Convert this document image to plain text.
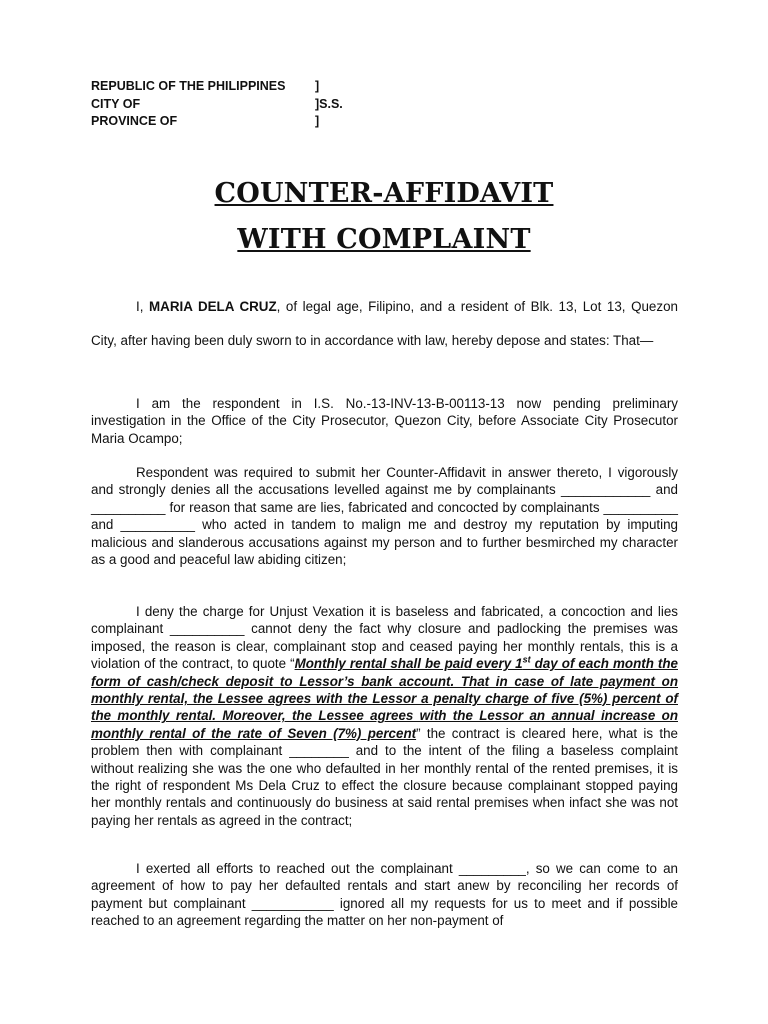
REPUBLIC OF THE PHILIPPINES	]
CITY OF	]S.S.
PROVINCE OF	]
COUNTER-AFFIDAVIT
WITH COMPLAINT

I, MARIA DELA CRUZ, of legal age, Filipino, and a resident of Blk. 13, Lot 13, Quezon City, after having been duly sworn to in accordance with law, hereby depose and states: That—

I am the respondent in I.S. No.-13-INV-13-B-00113-13 now pending preliminary investigation in the Office of the City Prosecutor, Quezon City, before Associate City Prosecutor Maria Ocampo;

Respondent was required to submit her Counter-Affidavit in answer thereto, I vigorously and strongly denies all the accusations levelled against me by complainants ____________ and __________ for reason that same are lies, fabricated and concocted by complainants __________ and __________ who acted in tandem to malign me and destroy my reputation by imputing malicious and slanderous accusations against my person and to further besmirched my character as a good and peaceful law abiding citizen;

I deny the charge for Unjust Vexation it is baseless and fabricated, a concoction and lies complainant __________ cannot deny the fact why closure and padlocking the premises was imposed, the reason is clear, complainant stop and ceased paying her monthly rentals, this is a violation of the contract, to quote “Monthly rental shall be paid every 1st day of each month the form of cash/check deposit to Lessor’s bank account. That in case of late payment on monthly rental, the Lessee agrees with the Lessor a penalty charge of five (5%) percent of the monthly rental. Moreover, the Lessee agrees with the Lessor an annual increase on monthly rental of the rate of Seven (7%) percent” the contract is cleared here, what is the problem then with complainant ________ and to the intent of the filing a baseless complaint without realizing she was the one who defaulted in her monthly rental of the rented premises, it is the right of respondent Ms Dela Cruz to effect the closure because complainant stopped paying her monthly rentals and continuously do business at said rental premises when infact she was not paying her rentals as agreed in the contract;

I exerted all efforts to reached out the complainant _________, so we can come to an agreement of how to pay her defaulted rentals and start anew by reconciling her records of payment but complainant ___________ ignored all my requests for us to meet and if possible reached to an agreement regarding the matter on her non-payment of
